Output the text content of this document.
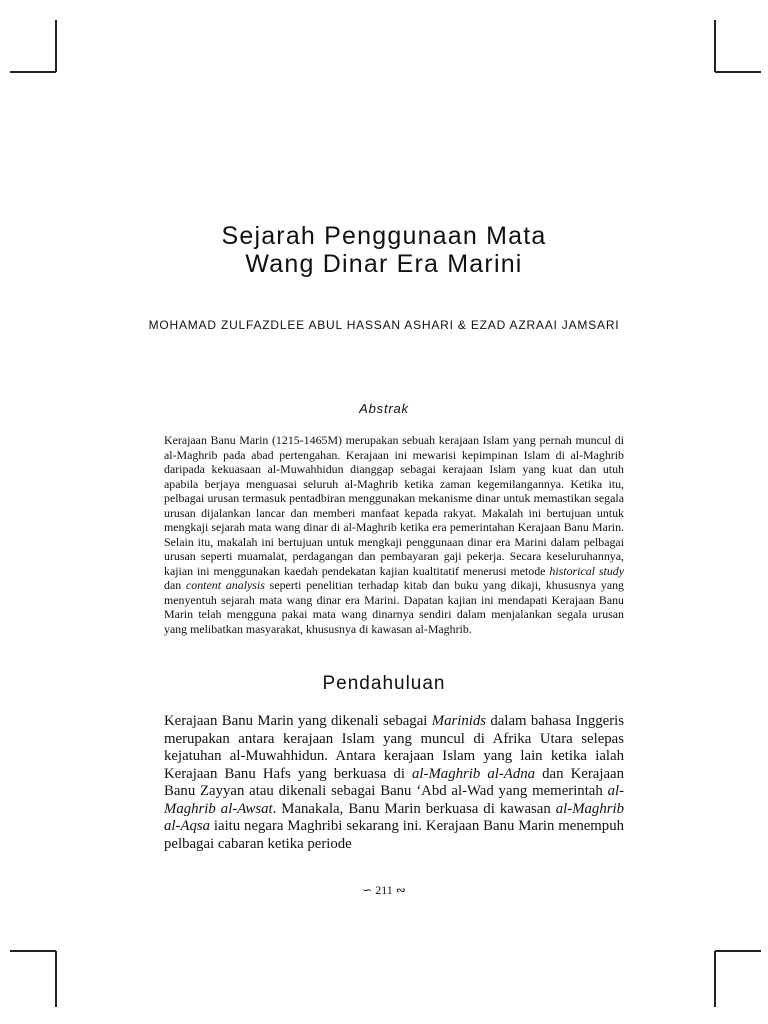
Sejarah Penggunaan Mata
Wang Dinar Era Marini

MOHAMAD ZULFAZDLEE ABUL HASSAN ASHARI & EZAD AZRAAI JAMSARI

Abstrak

Kerajaan Banu Marin (1215-1465M) merupakan sebuah kerajaan Islam yang pernah muncul di al-Maghrib pada abad pertengahan. Kerajaan ini mewarisi kepimpinan Islam di al-Maghrib daripada kekuasaan al-Muwahhidun dianggap sebagai kerajaan Islam yang kuat dan utuh apabila berjaya menguasai seluruh al-Maghrib ketika zaman kegemilangannya. Ketika itu, pelbagai urusan termasuk pentadbiran menggunakan mekanisme dinar untuk memastikan segala urusan dijalankan lancar dan memberi manfaat kepada rakyat. Makalah ini bertujuan untuk mengkaji sejarah mata wang dinar di al-Maghrib ketika era pemerintahan Kerajaan Banu Marin. Selain itu, makalah ini bertujuan untuk mengkaji penggunaan dinar era Marini dalam pelbagai urusan seperti muamalat, perdagangan dan pembayaran gaji pekerja. Secara keseluruhannya, kajian ini menggunakan kaedah pendekatan kajian kualtitatif menerusi metode historical study dan content analysis seperti penelitian terhadap kitab dan buku yang dikaji, khususnya yang menyentuh sejarah mata wang dinar era Marini. Dapatan kajian ini mendapati Kerajaan Banu Marin telah mengguna pakai mata wang dinarnya sendiri dalam menjalankan segala urusan yang melibatkan masyarakat, khususnya di kawasan al-Maghrib.

Pendahuluan

Kerajaan Banu Marin yang dikenali sebagai Marinids dalam bahasa Inggeris merupakan antara kerajaan Islam yang muncul di Afrika Utara selepas kejatuhan al-Muwahhidun. Antara kerajaan Islam yang lain ketika ialah Kerajaan Banu Hafs yang berkuasa di al-Maghrib al-Adna dan Kerajaan Banu Zayyan atau dikenali sebagai Banu ‘Abd al-Wad yang memerintah al-Maghrib al-Awsat. Manakala, Banu Marin berkuasa di kawasan al-Maghrib al-Aqsa iaitu negara Maghribi sekarang ini. Kerajaan Banu Marin menempuh pelbagai cabaran ketika periode

∽ 211 ∾
